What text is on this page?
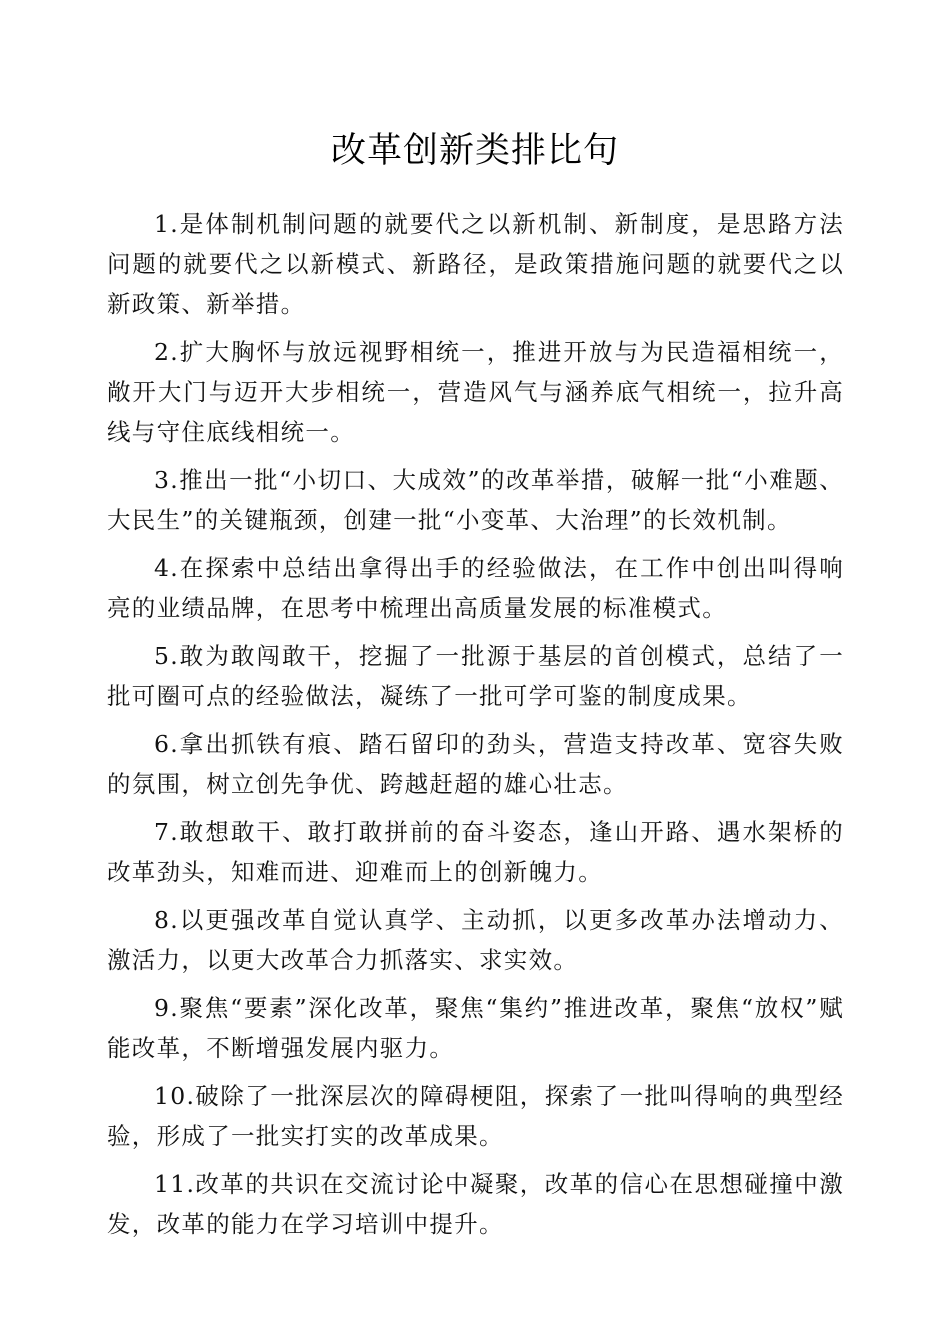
改革创新类排比句

1.是体制机制问题的就要代之以新机制、新制度，是思路方法问题的就要代之以新模式、新路径，是政策措施问题的就要代之以新政策、新举措。

2.扩大胸怀与放远视野相统一，推进开放与为民造福相统一，敞开大门与迈开大步相统一，营造风气与涵养底气相统一，拉升高线与守住底线相统一。

3.推出一批“小切口、大成效”的改革举措，破解一批“小难题、大民生”的关键瓶颈，创建一批“小变革、大治理”的长效机制。

4.在探索中总结出拿得出手的经验做法，在工作中创出叫得响亮的业绩品牌，在思考中梳理出高质量发展的标准模式。

5.敢为敢闯敢干，挖掘了一批源于基层的首创模式，总结了一批可圈可点的经验做法，凝练了一批可学可鉴的制度成果。

6.拿出抓铁有痕、踏石留印的劲头，营造支持改革、宽容失败的氛围，树立创先争优、跨越赶超的雄心壮志。

7.敢想敢干、敢打敢拼前的奋斗姿态，逢山开路、遇水架桥的改革劲头，知难而进、迎难而上的创新魄力。

8.以更强改革自觉认真学、主动抓，以更多改革办法增动力、激活力，以更大改革合力抓落实、求实效。

9.聚焦“要素”深化改革，聚焦“集约”推进改革，聚焦“放权”赋能改革，不断增强发展内驱力。

10.破除了一批深层次的障碍梗阻，探索了一批叫得响的典型经验，形成了一批实打实的改革成果。

11.改革的共识在交流讨论中凝聚，改革的信心在思想碰撞中激发，改革的能力在学习培训中提升。
